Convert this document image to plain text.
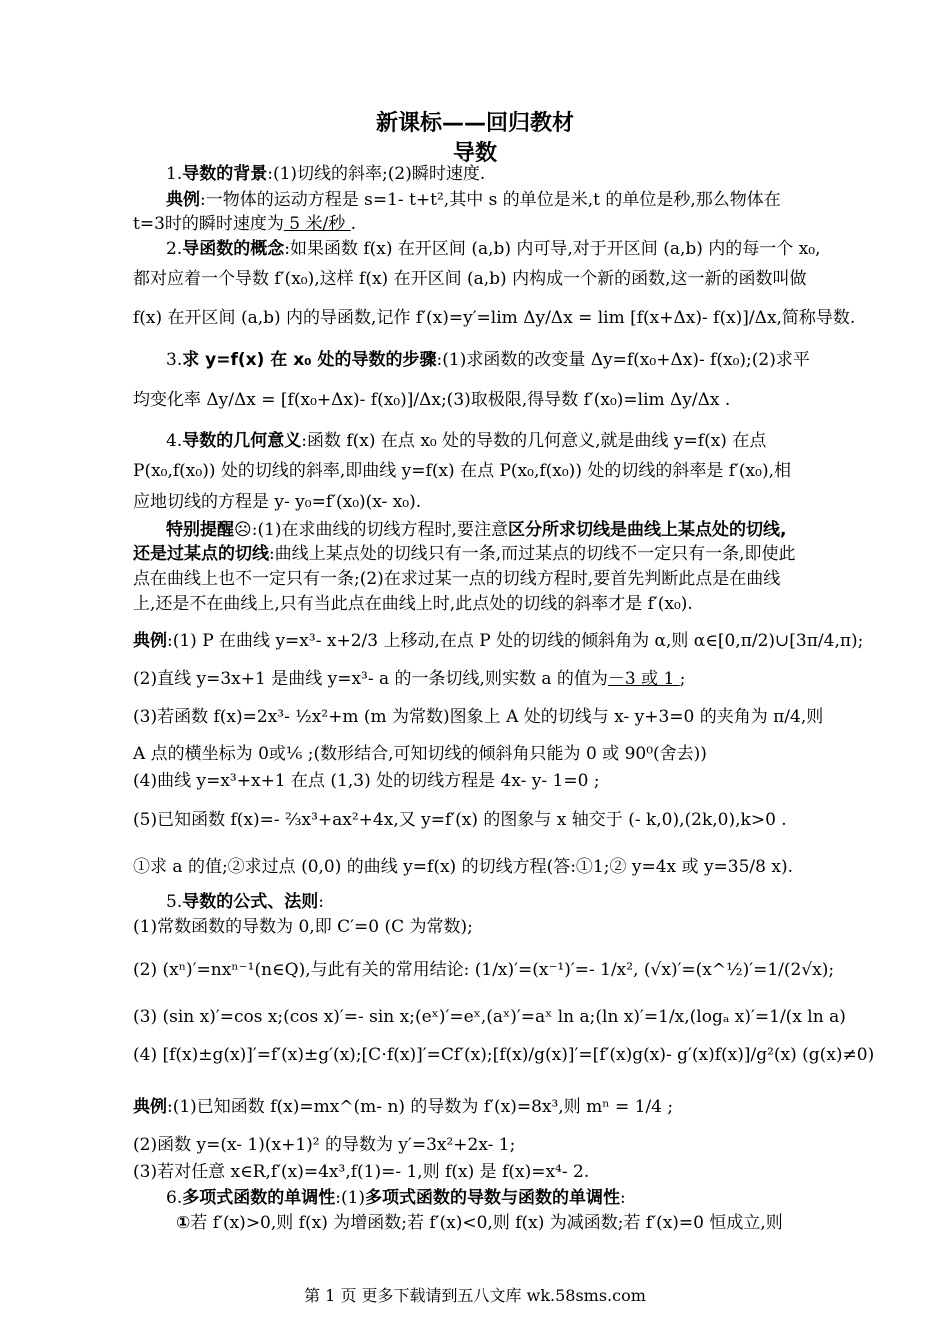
新课标——回归教材
导数
1.导数的背景:(1)切线的斜率;(2)瞬时速度.
典例:一物体的运动方程是 s=1- t+t²,其中 s 的单位是米,t 的单位是秒,那么物体在
t=3时的瞬时速度为 5 米/秒 .
2.导函数的概念:如果函数 f(x) 在开区间 (a,b) 内可导,对于开区间 (a,b) 内的每一个 x₀,
都对应着一个导数 f′(x₀),这样 f(x) 在开区间 (a,b) 内构成一个新的函数,这一新的函数叫做
f(x) 在开区间 (a,b) 内的导函数,记作 f′(x)=y′=lim Δy/Δx = lim [f(x+Δx)- f(x)]/Δx,简称导数.
3.求 y=f(x) 在 x₀ 处的导数的步骤:(1)求函数的改变量 Δy=f(x₀+Δx)- f(x₀);(2)求平
均变化率 Δy/Δx = [f(x₀+Δx)- f(x₀)]/Δx;(3)取极限,得导数 f′(x₀)=lim Δy/Δx .
4.导数的几何意义:函数 f(x) 在点 x₀ 处的导数的几何意义,就是曲线 y=f(x) 在点
P(x₀,f(x₀)) 处的切线的斜率,即曲线 y=f(x) 在点 P(x₀,f(x₀)) 处的切线的斜率是 f′(x₀),相
应地切线的方程是 y- y₀=f′(x₀)(x- x₀).
特别提醒☹:(1)在求曲线的切线方程时,要注意区分所求切线是曲线上某点处的切线,
还是过某点的切线:曲线上某点处的切线只有一条,而过某点的切线不一定只有一条,即使此
点在曲线上也不一定只有一条;(2)在求过某一点的切线方程时,要首先判断此点是在曲线
上,还是不在曲线上,只有当此点在曲线上时,此点处的切线的斜率才是 f′(x₀).
典例:(1) P 在曲线 y=x³- x+2/3 上移动,在点 P 处的切线的倾斜角为 α,则 α∈[0,π/2)∪[3π/4,π);
(2)直线 y=3x+1 是曲线 y=x³- a 的一条切线,则实数 a 的值为－3 或 1 ;
(3)若函数 f(x)=2x³- ½x²+m (m 为常数)图象上 A 处的切线与 x- y+3=0 的夹角为 π/4,则
A 点的横坐标为 0或⅙ ;(数形结合,可知切线的倾斜角只能为 0 或 90⁰(舍去))
(4)曲线 y=x³+x+1 在点 (1,3) 处的切线方程是 4x- y- 1=0 ;
(5)已知函数 f(x)=- ⅔x³+ax²+4x,又 y=f′(x) 的图象与 x 轴交于 (- k,0),(2k,0),k>0 .
①求 a 的值;②求过点 (0,0) 的曲线 y=f(x) 的切线方程(答:①1;② y=4x 或 y=35/8 x).
5.导数的公式、法则:
(1)常数函数的导数为 0,即 C′=0 (C 为常数);
(2) (xⁿ)′=nxⁿ⁻¹(n∈Q),与此有关的常用结论: (1/x)′=(x⁻¹)′=- 1/x², (√x)′=(x^½)′=1/(2√x);
(3) (sin x)′=cos x;(cos x)′=- sin x;(eˣ)′=eˣ,(aˣ)′=aˣ ln a;(ln x)′=1/x,(logₐ x)′=1/(x ln a)
(4) [f(x)±g(x)]′=f′(x)±g′(x);[C⋅f(x)]′=Cf′(x);[f(x)/g(x)]′=[f′(x)g(x)- g′(x)f(x)]/g²(x) (g(x)≠0)
典例:(1)已知函数 f(x)=mx^(m- n) 的导数为 f′(x)=8x³,则 mⁿ = 1/4 ;
(2)函数 y=(x- 1)(x+1)² 的导数为 y′=3x²+2x- 1;
(3)若对任意 x∈R,f′(x)=4x³,f(1)=- 1,则 f(x) 是 f(x)=x⁴- 2.
6.多项式函数的单调性:(1)多项式函数的导数与函数的单调性:
①若 f′(x)>0,则 f(x) 为增函数;若 f′(x)<0,则 f(x) 为减函数;若 f′(x)=0 恒成立,则
第 1 页 更多下载请到五八文库 wk.58sms.com
